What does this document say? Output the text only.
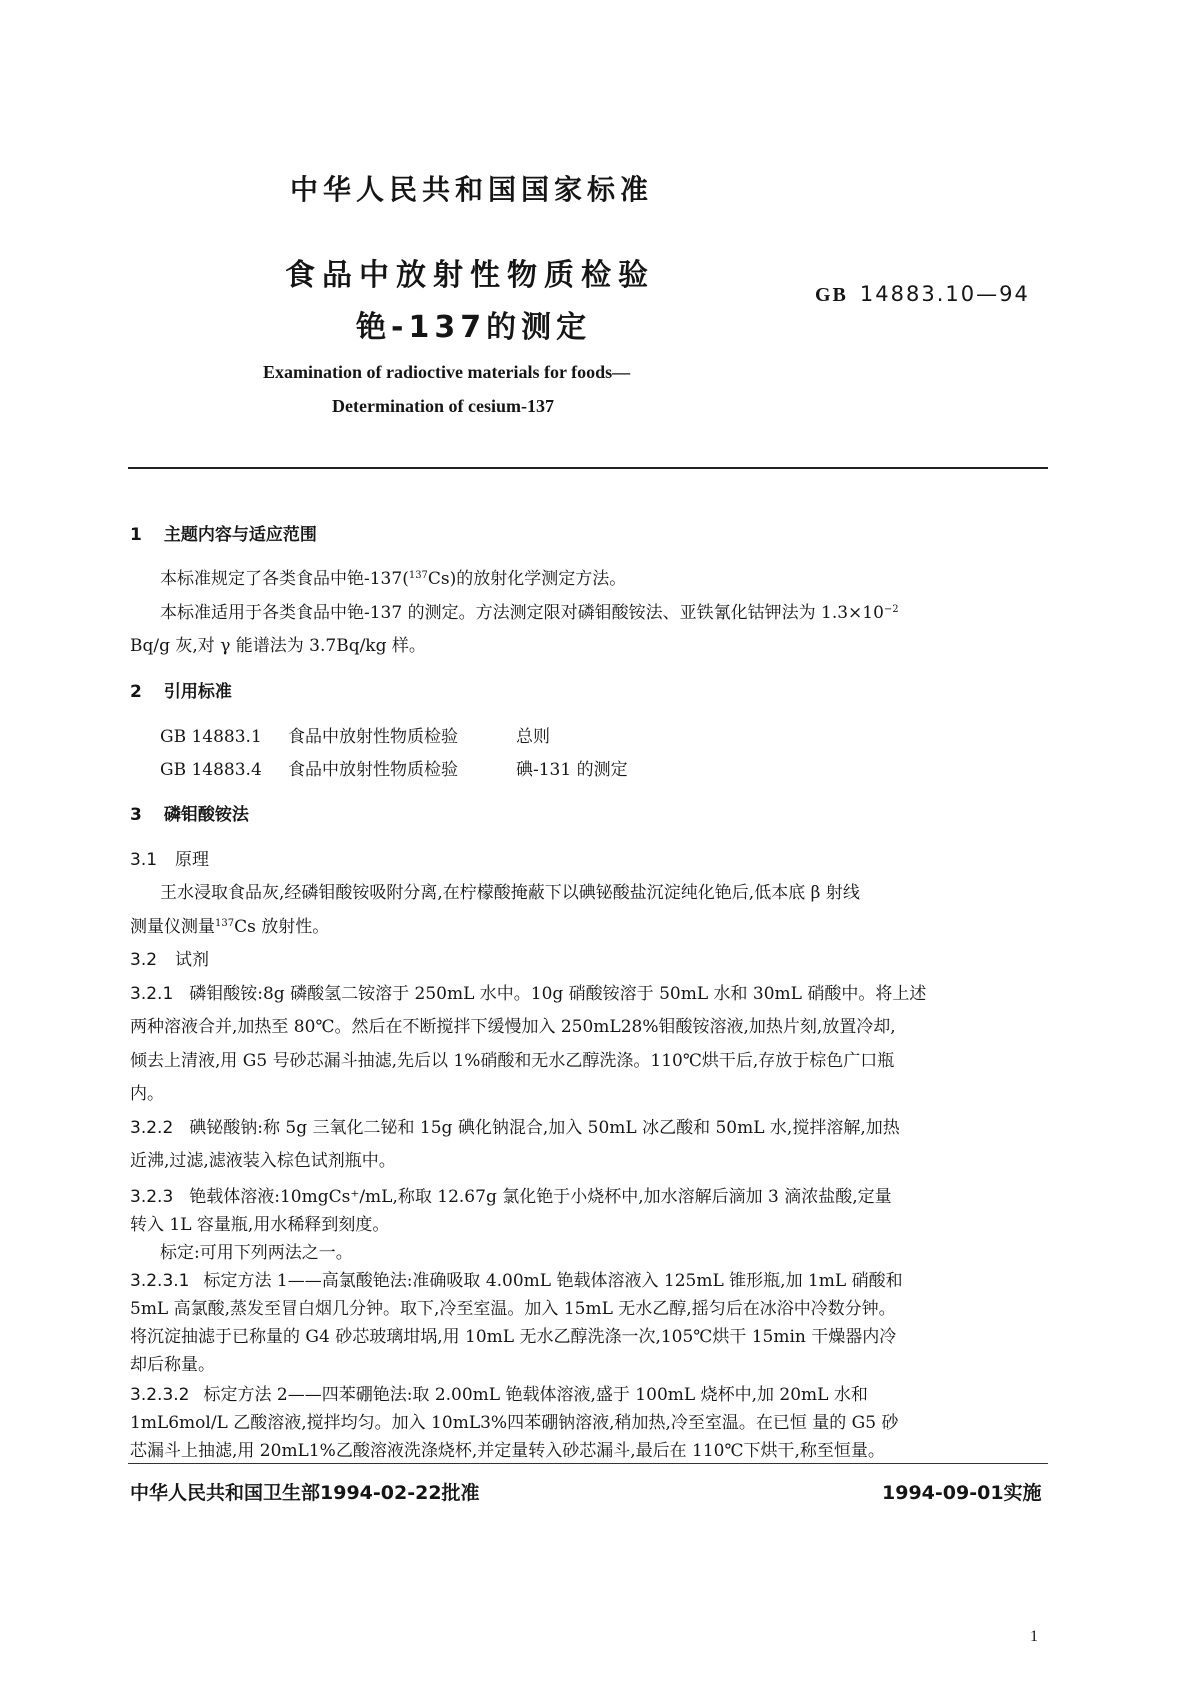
中华人民共和国国家标准
食品中放射性物质检验
铯-137的测定
GB 14883.10—94
Examination of radioctive materials for foods—
Determination of cesium-137
1 主题内容与适应范围
本标准规定了各类食品中铯-137($^{137}$Cs)的放射化学测定方法。
本标准适用于各类食品中铯-137 的测定。方法测定限对磷钼酸铵法、亚铁氰化钴钾法为 $1.3\times 10^{-2}$
Bq/g 灰,对 γ 能谱法为 3.7Bq/kg 样。
2 引用标准
GB 14883.1 食品中放射性物质检验	总则
GB 14883.4 食品中放射性物质检验	碘-131 的测定
3 磷钼酸铵法
3.1 原理
王水浸取食品灰,经磷钼酸铵吸附分离,在柠檬酸掩蔽下以碘铋酸盐沉淀纯化铯后,低本底 β 射线
测量仪测量$^{137}$Cs 放射性。
3.2 试剂
3.2.1 磷钼酸铵:8g 磷酸氢二铵溶于 250mL 水中。10g 硝酸铵溶于 50mL 水和 30mL 硝酸中。将上述
两种溶液合并,加热至 80℃。然后在不断搅拌下缓慢加入 250mL28%钼酸铵溶液,加热片刻,放置冷却,
倾去上清液,用 G5 号砂芯漏斗抽滤,先后以 1%硝酸和无水乙醇洗涤。110℃烘干后,存放于棕色广口瓶
内。
3.2.2 碘铋酸钠:称 5g 三氧化二铋和 15g 碘化钠混合,加入 50mL 冰乙酸和 50mL 水,搅拌溶解,加热
近沸,过滤,滤液装入棕色试剂瓶中。
3.2.3 铯载体溶液:10mgCs⁺/mL,称取 12.67g 氯化铯于小烧杯中,加水溶解后滴加 3 滴浓盐酸,定量
转入 1L 容量瓶,用水稀释到刻度。
标定:可用下列两法之一。
3.2.3.1 标定方法 1——高氯酸铯法:准确吸取 4.00mL 铯载体溶液入 125mL 锥形瓶,加 1mL 硝酸和
5mL 高氯酸,蒸发至冒白烟几分钟。取下,冷至室温。加入 15mL 无水乙醇,摇匀后在冰浴中冷数分钟。
将沉淀抽滤于已称量的 G4 砂芯玻璃坩埚,用 10mL 无水乙醇洗涤一次,105℃烘干 15min 干燥器内冷
却后称量。
3.2.3.2 标定方法 2——四苯硼铯法:取 2.00mL 铯载体溶液,盛于 100mL 烧杯中,加 20mL 水和
中华人民共和国卫生部1994-02-22批准	1994-09-01实施
1
1mL6mol/L 乙酸溶液,搅拌均匀。加入 10mL3%四苯硼钠溶液,稍加热,冷至室温。在已恒 量的 G5 砂
芯漏斗上抽滤,用 20mL1%乙酸溶液洗涤烧杯,并定量转入砂芯漏斗,最后在 110℃下烘干,称至恒量。
